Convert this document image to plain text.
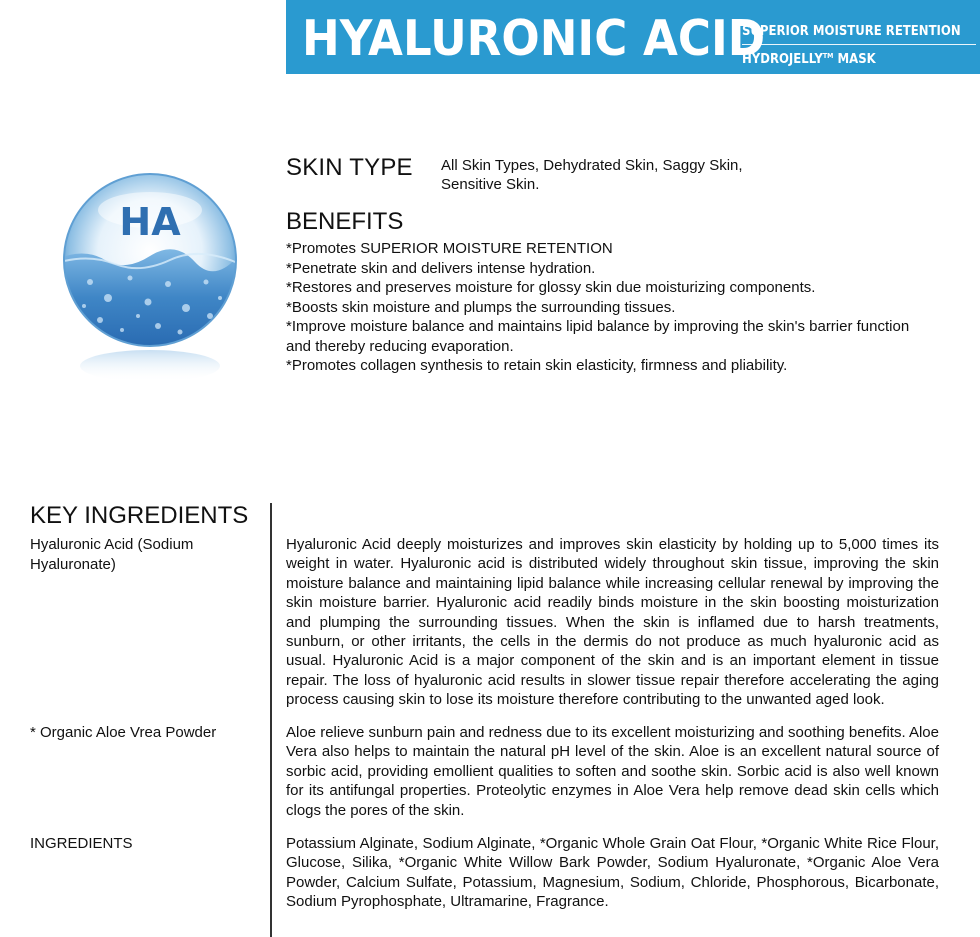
HYALURONIC ACID
SUPERIOR MOISTURE RETENTION
HYDROJELLY™ MASK
HA
SKIN TYPE All Skin Types, Dehydrated Skin, Saggy Skin, Sensitive Skin.
BENEFITS
*Promotes SUPERIOR MOISTURE RETENTION
*Penetrate skin and delivers intense hydration.
*Restores and preserves moisture for glossy skin due moisturizing components.
*Boosts skin moisture and plumps the surrounding tissues.
*Improve moisture balance and maintains lipid balance by improving the skin's barrier function and thereby reducing evaporation.
*Promotes collagen synthesis to retain skin elasticity, firmness and pliability.
KEY INGREDIENTS
Hyaluronic Acid (Sodium Hyaluronate)
Hyaluronic Acid deeply moisturizes and improves skin elasticity by holding up to 5,000 times its weight in water. Hyaluronic acid is distributed widely throughout skin tissue, improving the skin moisture balance and maintaining lipid balance while increasing cellular renewal by improving the skin moisture barrier. Hyaluronic acid readily binds moisture in the skin boosting moisturization and plumping the surrounding tissues. When the skin is inflamed due to harsh treatments, sunburn, or other irritants, the cells in the dermis do not produce as much hyaluronic acid as usual. Hyaluronic Acid is a major component of the skin and is an important element in tissue repair. The loss of hyaluronic acid results in slower tissue repair therefore accelerating the aging process causing skin to lose its moisture therefore contributing to the unwanted aged look.
* Organic Aloe Vrea Powder	Aloe relieve sunburn pain and redness due to its excellent moisturizing and soothing benefits. Aloe Vera also helps to maintain the natural pH level of the skin. Aloe is an excellent natural source of sorbic acid, providing emollient qualities to soften and soothe skin. Sorbic acid is also well known for its antifungal properties. Proteolytic enzymes in Aloe Vera help remove dead skin cells which clogs the pores of the skin.
INGREDIENTS	Potassium Alginate, Sodium Alginate, *Organic Whole Grain Oat Flour, *Organic White Rice Flour, Glucose, Silika, *Organic White Willow Bark Powder, Sodium Hyaluronate, *Organic Aloe Vera Powder, Calcium Sulfate, Potassium, Magnesium, Sodium, Chloride, Phosphorous, Bicarbonate, Sodium Pyrophosphate, Ultramarine, Fragrance.
